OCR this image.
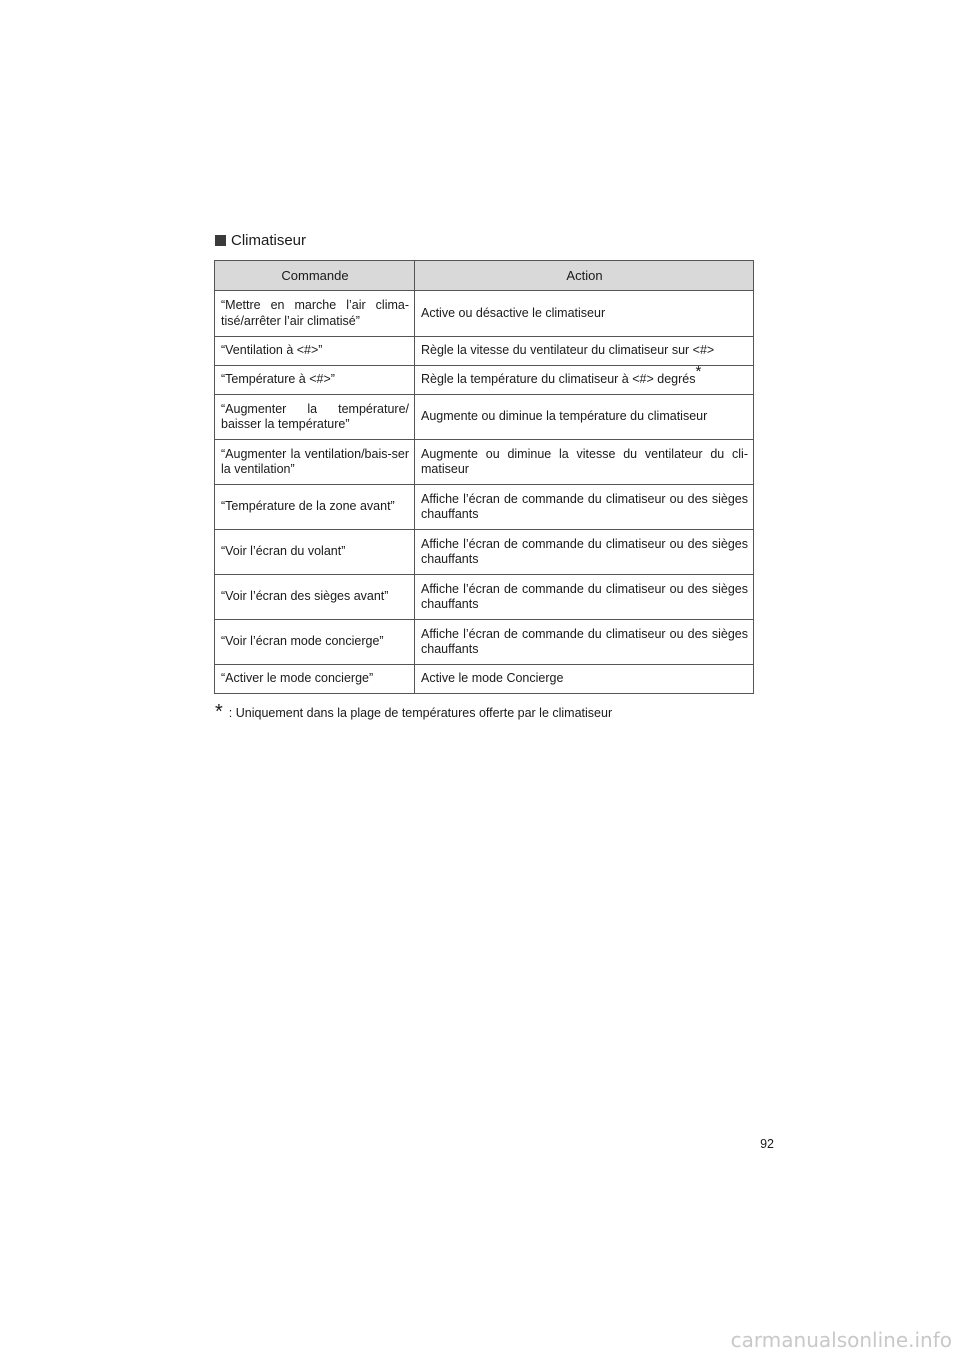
Climatiseur
Commande	Action
“Mettre en marche l’air clima-tisé/arrêter l’air climatisé”	Active ou désactive le climatiseur
“Ventilation à <#>”	Règle la vitesse du ventilateur du climatiseur sur <#>
“Température à <#>”	Règle la température du climatiseur à <#> degrés*
“Augmenter la température/ baisser la température”	Augmente ou diminue la température du climatiseur
“Augmenter la ventilation/bais-ser la ventilation”	Augmente ou diminue la vitesse du ventilateur du cli-matiseur
“Température de la zone avant”	Affiche l’écran de commande du climatiseur ou des sièges chauffants
“Voir l’écran du volant”	Affiche l’écran de commande du climatiseur ou des sièges chauffants
“Voir l’écran des sièges avant”	Affiche l’écran de commande du climatiseur ou des sièges chauffants
“Voir l’écran mode concierge”	Affiche l’écran de commande du climatiseur ou des sièges chauffants
“Activer le mode concierge”	Active le mode Concierge
* : Uniquement dans la plage de températures offerte par le climatiseur
92
carmanualsonline.info
